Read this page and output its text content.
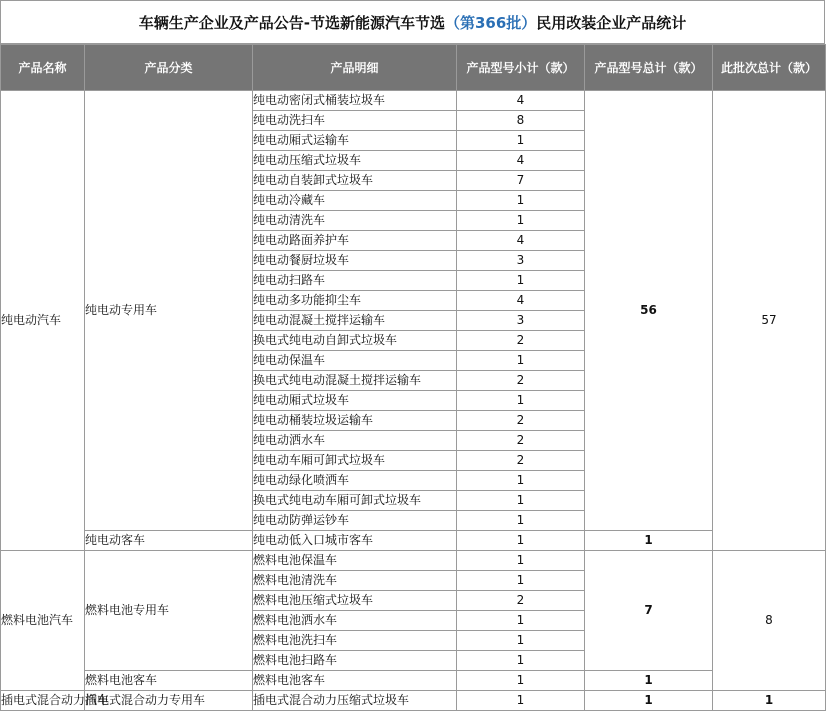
车辆生产企业及产品公告-节选新能源汽车节选 （第366批） 民用改装企业产品统计
产品名称	产品分类	产品明细	产品型号小计（款）	产品型号总计（款）	此批次总计（款）
纯电动汽车	纯电动专用车	纯电动密闭式桶装垃圾车	4	56	57
		纯电动洗扫车	8		
		纯电动厢式运输车	1		
		纯电动压缩式垃圾车	4		
		纯电动自装卸式垃圾车	7		
		纯电动冷藏车	1		
		纯电动清洗车	1		
		纯电动路面养护车	4		
		纯电动餐厨垃圾车	3		
		纯电动扫路车	1		
		纯电动多功能抑尘车	4		
		纯电动混凝土搅拌运输车	3		
		换电式纯电动自卸式垃圾车	2		
		纯电动保温车	1		
		换电式纯电动混凝土搅拌运输车	2		
		纯电动厢式垃圾车	1		
		纯电动桶装垃圾运输车	2		
		纯电动洒水车	2		
		纯电动车厢可卸式垃圾车	2		
		纯电动绿化喷洒车	1		
		换电式纯电动车厢可卸式垃圾车	1		
		纯电动防弹运钞车	1		
	纯电动客车	纯电动低入口城市客车	1	1	
燃料电池汽车	燃料电池专用车	燃料电池保温车	1	7	8
		燃料电池清洗车	1		
		燃料电池压缩式垃圾车	2		
		燃料电池洒水车	1		
		燃料电池洗扫车	1		
		燃料电池扫路车	1		
	燃料电池客车	燃料电池客车	1	1	
插电式混合动力汽车	插电式混合动力专用车	插电式混合动力压缩式垃圾车	1	1	1
